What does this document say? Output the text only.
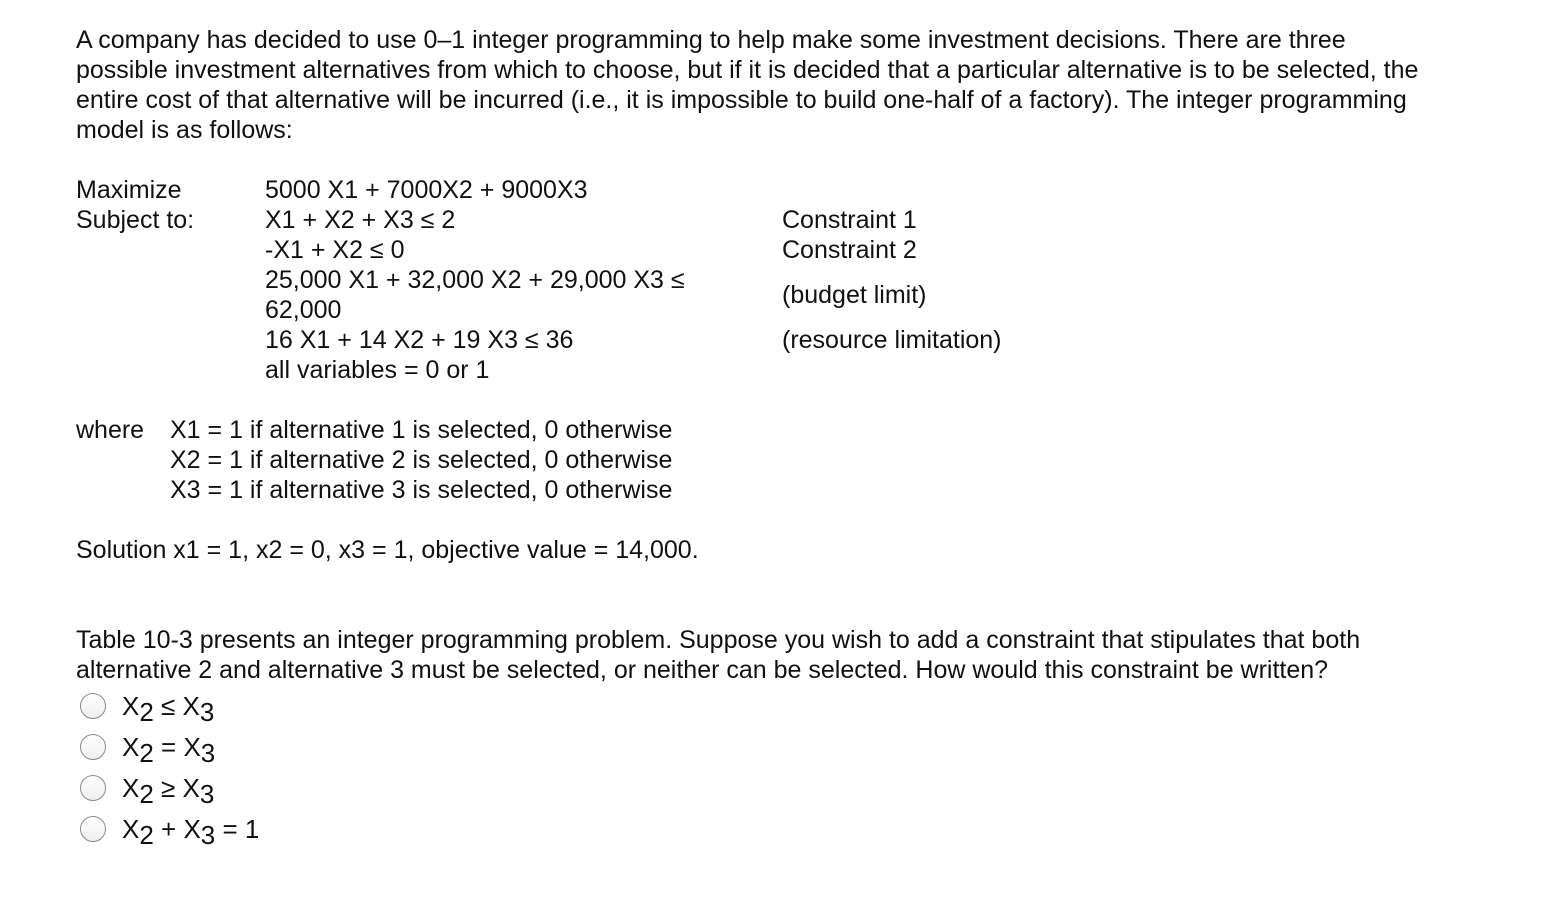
A company has decided to use 0–1 integer programming to help make some investment decisions. There are three
possible investment alternatives from which to choose, but if it is decided that a particular alternative is to be selected, the
entire cost of that alternative will be incurred (i.e., it is impossible to build one-half of a factory). The integer programming
model is as follows:
Maximize
Subject to:
5000 X1 + 7000X2 + 9000X3
X1 + X2 + X3 ≤ 2
-X1 + X2 ≤ 0
25,000 X1 + 32,000 X2 + 29,000 X3 ≤
62,000
16 X1 + 14 X2 + 19 X3 ≤ 36
all variables = 0 or 1
Constraint 1
Constraint 2
(budget limit)
(resource limitation)
where X1 = 1 if alternative 1 is selected, 0 otherwise
X2 = 1 if alternative 2 is selected, 0 otherwise
X3 = 1 if alternative 3 is selected, 0 otherwise
Solution x1 = 1, x2 = 0, x3 = 1, objective value = 14,000.
Table 10-3 presents an integer programming problem. Suppose you wish to add a constraint that stipulates that both
alternative 2 and alternative 3 must be selected, or neither can be selected. How would this constraint be written?
$X_2 \le X_3$
$X_2 = X_3$
$X_2 \ge X_3$
$X_2 + X_3 = 1$
